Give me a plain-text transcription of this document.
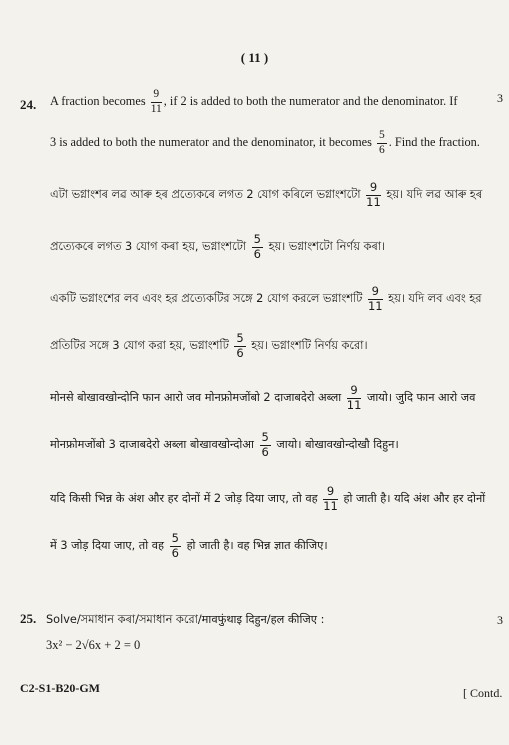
( 11 )
24.	3
A fraction becomes $\frac{9}{11}$ , if 2 is added to both the numerator and the denominator. If
3 is added to both the numerator and the denominator, it becomes $\frac{5}{6}$ . Find the fraction.
এটা ভগ্নাংশৰ লৱ আৰু হৰ প্ৰত্যেকৰে লগত 2 যোগ কৰিলে ভগ্নাংশটো $\frac{9}{11}$ হয়। যদি লৱ আৰু হৰ
প্ৰত্যেকৰে লগত 3 যোগ কৰা হয়, ভগ্নাংশটো $\frac{5}{6}$ হয়। ভগ্নাংশটো নিৰ্ণয় কৰা।
একটি ভগ্নাংশের লব এবং হর প্রত্যেকটির সঙ্গে 2 যোগ করলে ভগ্নাংশটি $\frac{9}{11}$ হয়। যদি লব এবং হর
প্রতিটির সঙ্গে 3 যোগ করা হয়, ভগ্নাংশটি $\frac{5}{6}$ হয়। ভগ্নাংশটি নির্ণয় করো।
मोनसे बोखावखोन्दोनि फान आरो जव मोनफ्रोमजोंबो 2 दाजाबदेरो अब्ला $\frac{9}{11}$ जायो। जुदि फान आरो जव
मोनफ्रोमजोंबो 3 दाजाबदेरो अब्ला बोखावखोन्दोआ $\frac{5}{6}$ जायो। बोखावखोन्दोखौ दिहुन।
यदि किसी भिन्न के अंश और हर दोनों में 2 जोड़ दिया जाए, तो वह $\frac{9}{11}$ हो जाती है। यदि अंश और हर दोनों
में 3 जोड़ दिया जाए, तो वह $\frac{5}{6}$ हो जाती है। वह भिन्न ज्ञात कीजिए।
25.	3
Solve/সমাধান কৰা/সমাধান করো/मावफुंथाइ दिहुन/हल कीजिए :
3x² − 2√6x + 2 = 0
C2-S1-B20-GM	[ Contd.
